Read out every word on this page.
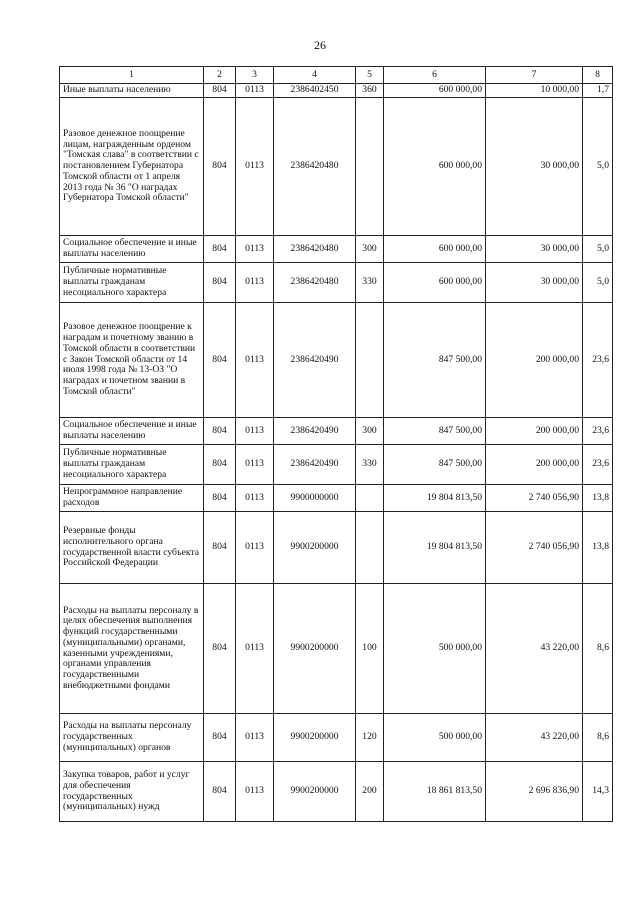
26
1	2	3	4	5	6	7	8
Иные выплаты населению	804	0113	2386402450	360	600 000,00	10 000,00	1,7
Разовое денежное поощрение лицам, награжденным орденом "Томская слава" в соответствии с постановлением Губернатора Томской области от 1 апреля 2013 года № 36 "О наградах Губернатора Томской области"	804	0113	2386420480		600 000,00	30 000,00	5,0
Социальное обеспечение и иные выплаты населению	804	0113	2386420480	300	600 000,00	30 000,00	5,0
Публичные нормативные выплаты гражданам несоциального характера	804	0113	2386420480	330	600 000,00	30 000,00	5,0
Разовое денежное поощрение к наградам и почетному званию в Томской области в соответствии с Закон Томской области от 14 июля 1998 года № 13-ОЗ "О наградах и почетном звании в Томской области"	804	0113	2386420490		847 500,00	200 000,00	23,6
Социальное обеспечение и иные выплаты населению	804	0113	2386420490	300	847 500,00	200 000,00	23,6
Публичные нормативные выплаты гражданам несоциального характера	804	0113	2386420490	330	847 500,00	200 000,00	23,6
Непрограммное направление расходов	804	0113	9900000000		19 804 813,50	2 740 056,90	13,8
Резервные фонды исполнительного органа государственной власти субъекта Российской Федерации	804	0113	9900200000		19 804 813,50	2 740 056,90	13,8
Расходы на выплаты персоналу в целях обеспечения выполнения функций государственными (муниципальными) органами, казенными учреждениями, органами управления государственными внебюджетными фондами	804	0113	9900200000	100	500 000,00	43 220,00	8,6
Расходы на выплаты персоналу государственных (муниципальных) органов	804	0113	9900200000	120	500 000,00	43 220,00	8,6
Закупка товаров, работ и услуг для обеспечения государственных (муниципальных) нужд	804	0113	9900200000	200	18 861 813,50	2 696 836,90	14,3
